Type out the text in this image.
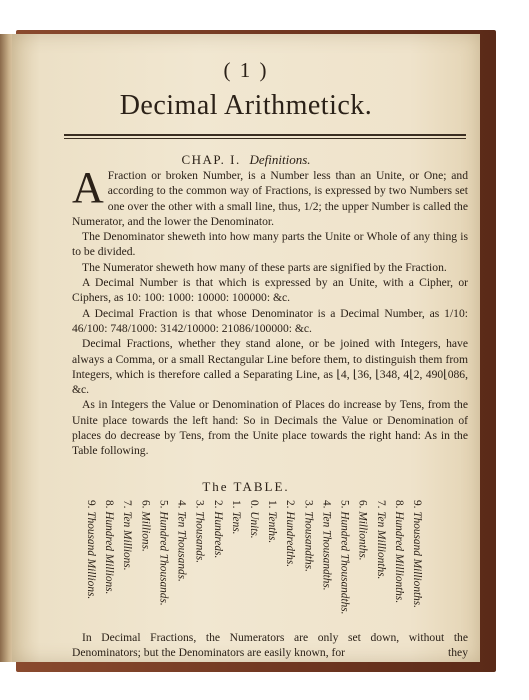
( 1 )
Decimal Arithmetick.
CHAP. I. Definitions.

A Fraction or broken Number, is a Number less than an Unite, or One; and according to the common way of Fractions, is expressed by two Numbers set one over the other with a small line, thus, 1/2; the upper Number is called the Numerator, and the lower the Denominator.

The Denominator sheweth into how many parts the Unite or Whole of any thing is to be divided.

The Numerator sheweth how many of these parts are signified by the Fraction.

A Decimal Number is that which is expressed by an Unite, with a Cipher, or Ciphers, as 10: 100: 1000: 10000: 100000: &c.

A Decimal Fraction is that whose Denominator is a Decimal Number, as 1/10: 46/100: 748/1000: 3142/10000: 21086/100000: &c.

Decimal Fractions, whether they stand alone, or be joined with Integers, have always a Comma, or a small Rectangular Line before them, to distinguish them from Integers, which is therefore called a Separating Line, as ⌊4, ⌊36, ⌊348, 4⌊2, 490⌊086, &c.

As in Integers the Value or Denomination of Places do increase by Tens, from the Unite place towards the left hand: So in Decimals the Value or Denomination of places do decrease by Tens, from the Unite place towards the right hand: As in the Table following.

The TABLE.
9. Thousand Millions.
8. Hundred Millions.
7. Ten Millions.
6. Millions.
5. Hundred Thousands.
4. Ten Thousands.
3. Thousands.
2. Hundreds.
1. Tens.
0. Units.
1. Tenths.
2. Hundredths.
3. Thousandths.
4. Ten Thousandths.
5. Hundred Thousandths.
6. Millionths.
7. Ten Millionths.
8. Hundred Millionths.
9. Thousand Millionths.

In Decimal Fractions, the Numerators are only set down, without the Denominators; but the Denominators are easily known, for	they
